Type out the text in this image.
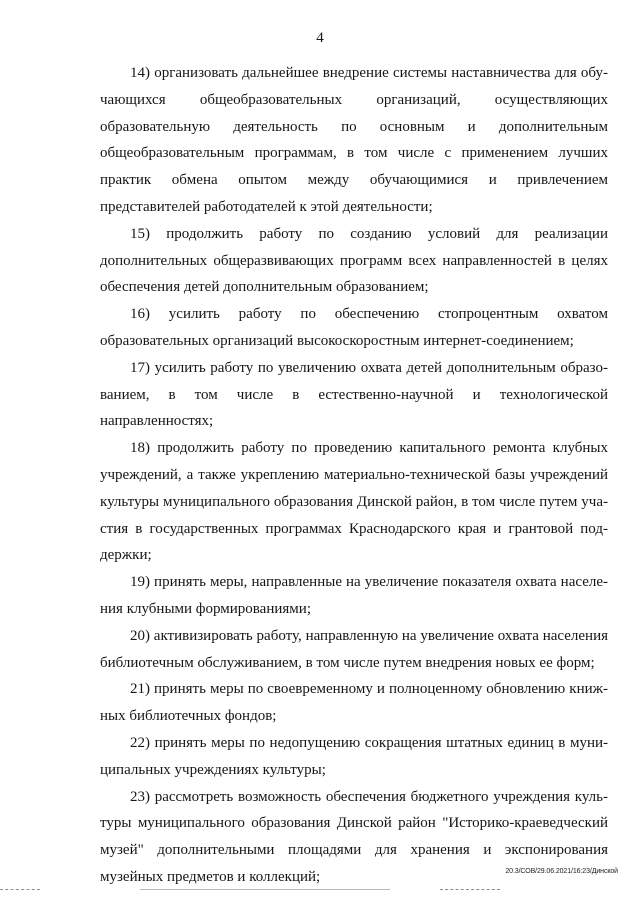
4

14) организовать дальнейшее внедрение системы наставничества для обучающихся общеобразовательных организаций, осуществляющих образовательную деятельность по основным и дополнительным общеобразовательным программам, в том числе с применением лучших практик обмена опытом между обучающимися и привлечением представителей работодателей к этой деятельности;

15) продолжить работу по созданию условий для реализации дополнительных общеразвивающих программ всех направленностей в целях обеспечения детей дополнительным образованием;

16) усилить работу по обеспечению стопроцентным охватом образовательных организаций высокоскоростным интернет-соединением;

17) усилить работу по увеличению охвата детей дополнительным образованием, в том числе в естественно-научной и технологической направленностях;

18) продолжить работу по проведению капитального ремонта клубных учреждений, а также укреплению материально-технической базы учреждений культуры муниципального образования Динской район, в том числе путем участия в государственных программах Краснодарского края и грантовой поддержки;

19) принять меры, направленные на увеличение показателя охвата населения клубными формированиями;

20) активизировать работу, направленную на увеличение охвата населения библиотечным обслуживанием, в том числе путем внедрения новых ее форм;

21) принять меры по своевременному и полноценному обновлению книжных библиотечных фондов;

22) принять меры по недопущению сокращения штатных единиц в муниципальных учреждениях культуры;

23) рассмотреть возможность обеспечения бюджетного учреждения культуры муниципального образования Динской район "Историко-краеведческий музей" дополнительными площадями для хранения и экспонирования музейных предметов и коллекций;	20.3/СОВ/29.06.2021/16:23/Динской
